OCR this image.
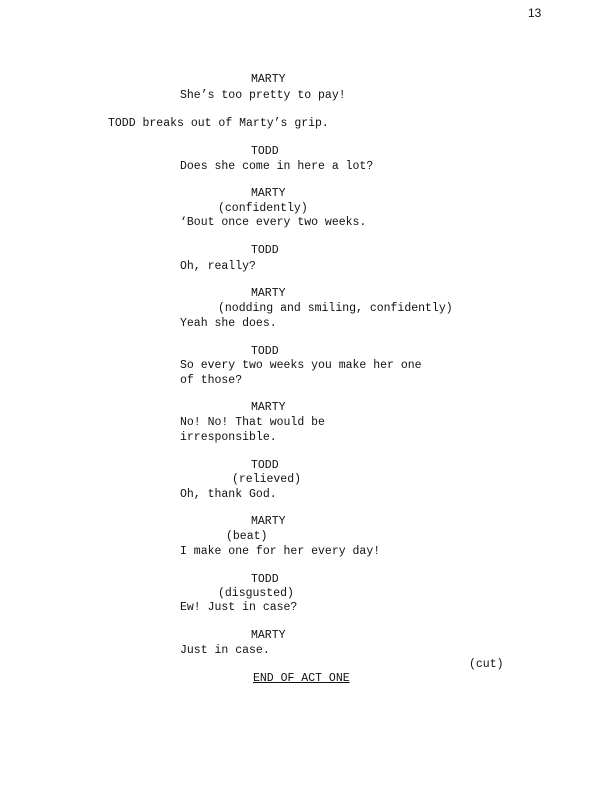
13
MARTY
She’s too pretty to pay!
TODD breaks out of Marty’s grip.
TODD
Does she come in here a lot?
MARTY
(confidently)
‘Bout once every two weeks.
TODD
Oh, really?
MARTY
(nodding and smiling, confidently)
Yeah she does.
TODD
So every two weeks you make her one
of those?
MARTY
No! No! That would be
irresponsible.
TODD
(relieved)
Oh, thank God.
MARTY
(beat)
I make one for her every day!
TODD
(disgusted)
Ew! Just in case?
MARTY
Just in case.
(cut)
END OF ACT ONE
